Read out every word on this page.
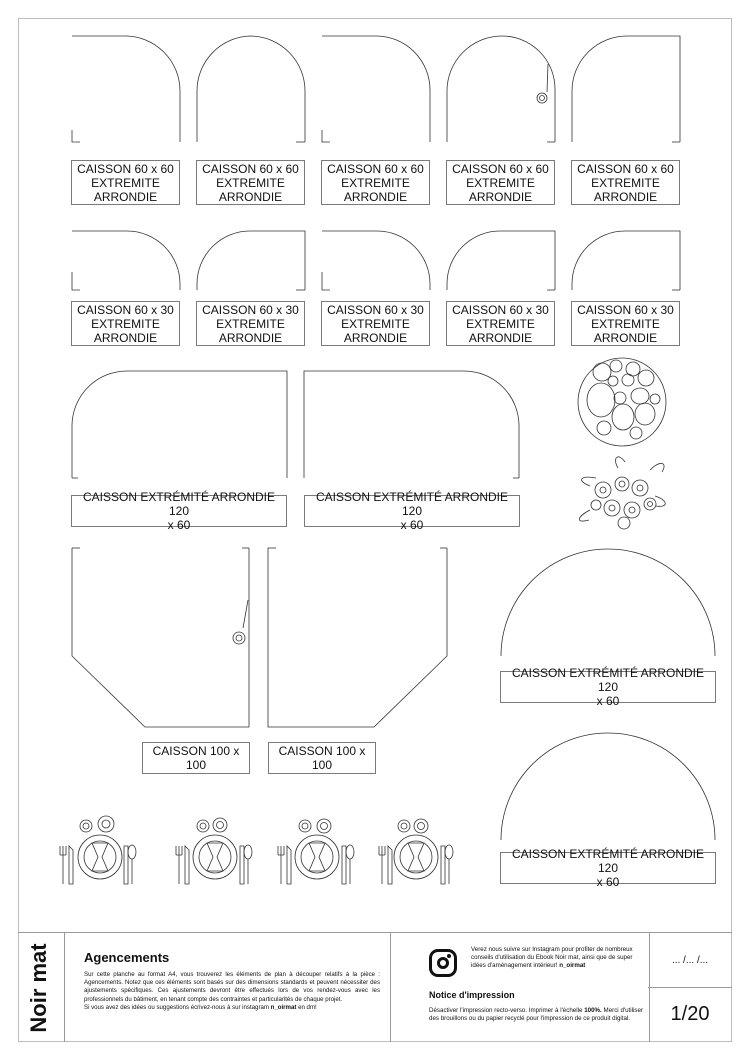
CAISSON 60 x 60
EXTREMITE
ARRONDIE
CAISSON 60 x 60
EXTREMITE
ARRONDIE
CAISSON 60 x 60
EXTREMITE
ARRONDIE
CAISSON 60 x 60
EXTREMITE
ARRONDIE
CAISSON 60 x 60
EXTREMITE
ARRONDIE
CAISSON 60 x 30
EXTREMITE
ARRONDIE
CAISSON 60 x 30
EXTREMITE
ARRONDIE
CAISSON 60 x 30
EXTREMITE
ARRONDIE
CAISSON 60 x 30
EXTREMITE
ARRONDIE
CAISSON 60 x 30
EXTREMITE
ARRONDIE
CAISSON EXTRÉMITÉ ARRONDIE 120
x 60
CAISSON EXTRÉMITÉ ARRONDIE 120
x 60
CAISSON 100 x
100
CAISSON 100 x
100
CAISSON EXTRÉMITÉ ARRONDIE 120
x 60
CAISSON EXTRÉMITÉ ARRONDIE 120
x 60
Noir mat	Agencements
Sur cette planche au format A4, vous trouverez les éléments de plan à découper relatifs à la pièce : Agencements. Notez que ces éléments sont basés sur des dimensions standards et peuvent nécessiter des ajustements spécifiques. Ces ajustements devront être effectués lors de vos rendez-vous avec les professionnels du bâtiment, en tenant compte des contraintes et particularités de chaque projet.
Si vous avez des idées ou suggestions écrivez-nous à sur instagram n_oirmat en dm!
Verez nous suivre sur Instagram pour profiter de nombreux conseils d'utilisation du Ebook Noir mat, ainsi que de super idées d'aménagement intérieur! n_oirmat
Notice d'impression
Désactiver l'impression recto-verso. Imprimer à l'échelle 100%. Merci d'utiliser des brouillons ou du papier recyclé pour l'impression de ce produit digital.
... /... /...
1/20
